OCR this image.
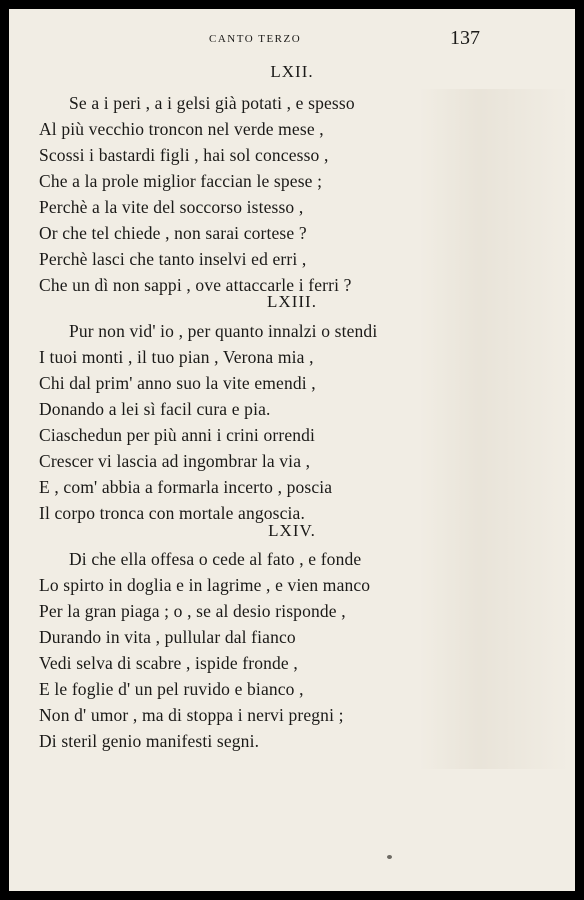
CANTO TERZO	137
LXII.
Se a i peri , a i gelsi già potati , e spesso
Al più vecchio troncon nel verde mese ,
Scossi i bastardi figli , hai sol concesso ,
Che a la prole miglior faccian le spese ;
Perchè a la vite del soccorso istesso ,
Or che tel chiede , non sarai cortese ?
Perchè lasci che tanto inselvi ed erri ,
Che un dì non sappi , ove attaccarle i ferri ?
LXIII.
Pur non vid' io , per quanto innalzi o stendi
I tuoi monti , il tuo pian , Verona mia ,
Chi dal prim' anno suo la vite emendi ,
Donando a lei sì facil cura e pia.
Ciaschedun per più anni i crini orrendi
Crescer vi lascia ad ingombrar la via ,
E , com' abbia a formarla incerto , poscia
Il corpo tronca con mortale angoscia.
LXIV.
Di che ella offesa o cede al fato , e fonde
Lo spirto in doglia e in lagrime , e vien manco
Per la gran piaga ; o , se al desio risponde ,
Durando in vita , pullular dal fianco
Vedi selva di scabre , ispide fronde ,
E le foglie d' un pel ruvido e bianco ,
Non d' umor , ma di stoppa i nervi pregni ;
Di steril genio manifesti segni.
